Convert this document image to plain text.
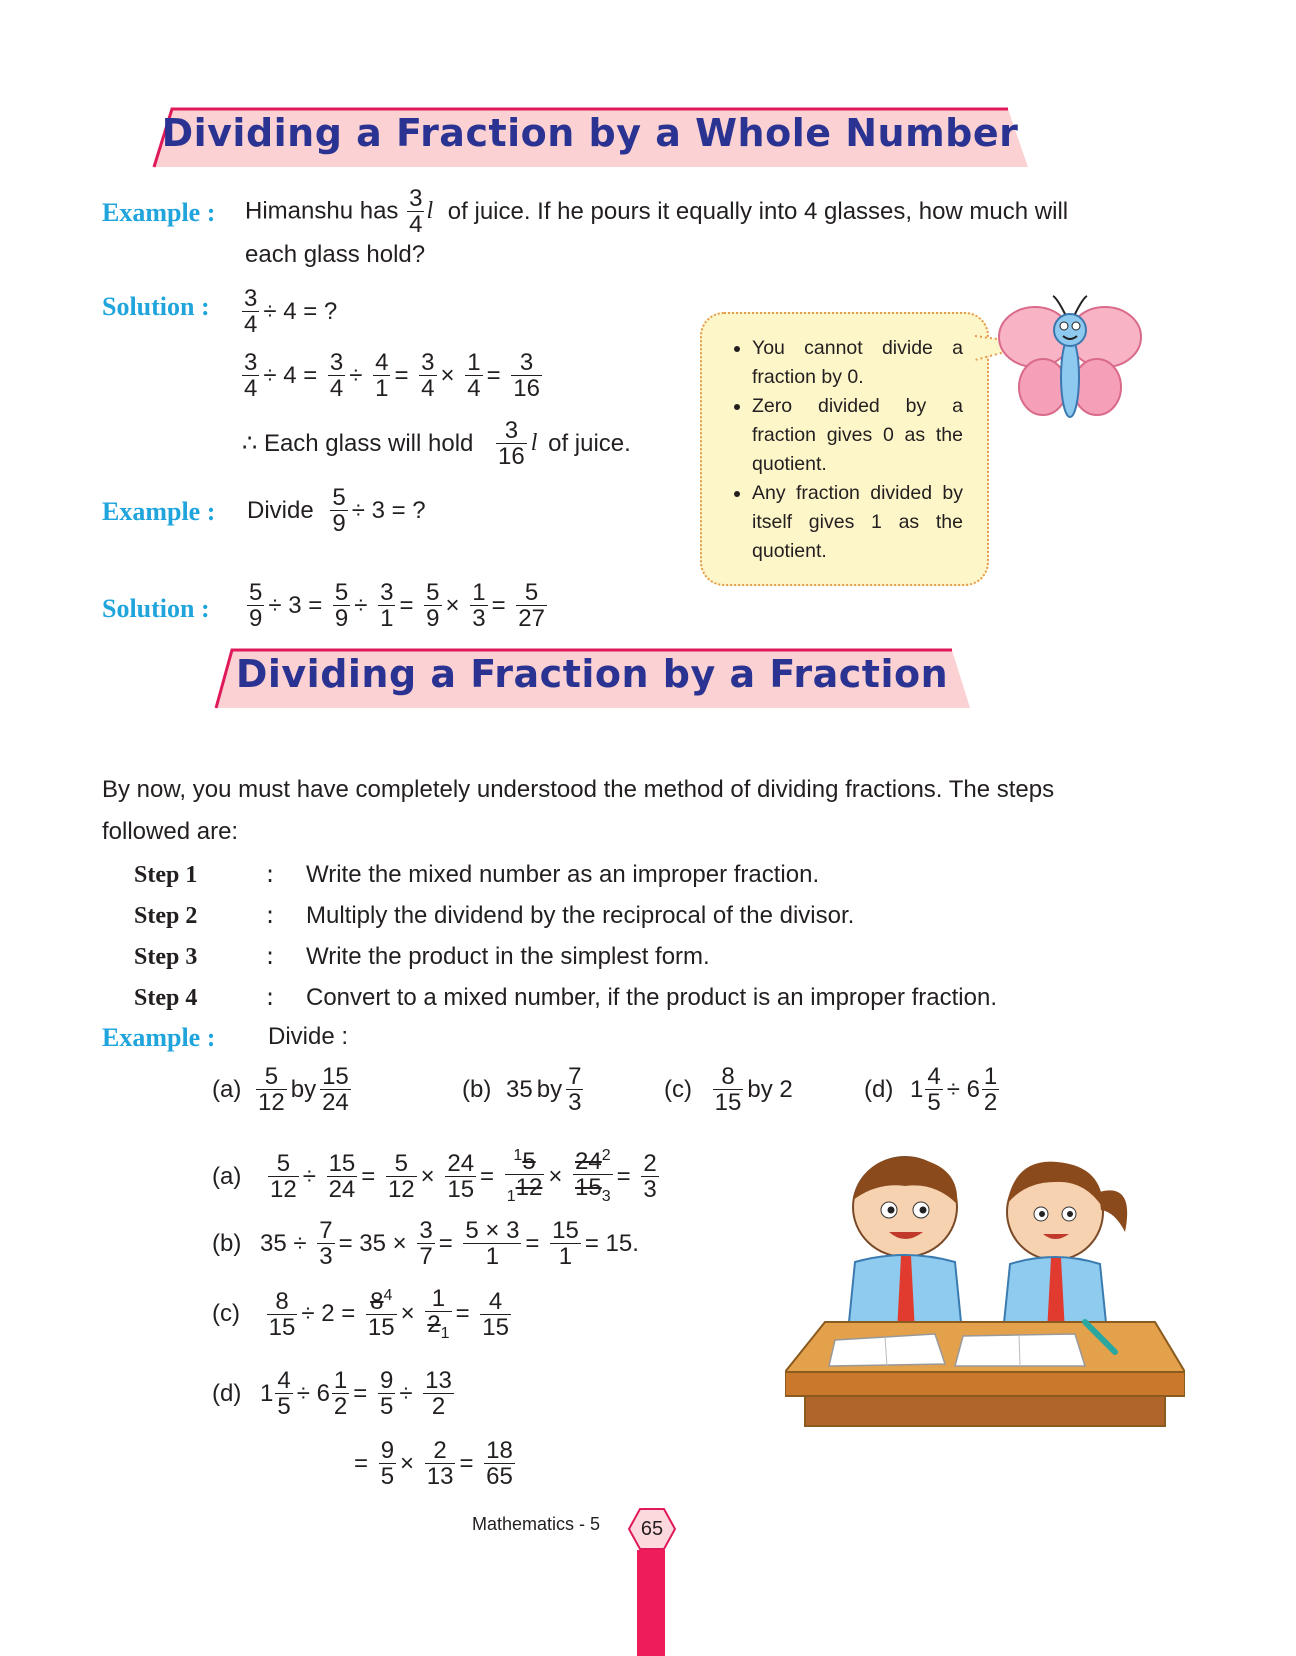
Dividing a Fraction by a Whole Number
Example : Himanshu has $\frac{3}{4}$ l of juice. If he pours it equally into 4 glasses, how much will
each glass hold?
Solution : $\frac{3}{4} \div 4$ = ?
$\frac{3}{4} \div 4 = \frac{3}{4} \div \frac{4}{1} = \frac{3}{4} \times \frac{1}{4} = \frac{3}{16}$
∴ Each glass will hold $\frac{3}{16}$ l of juice.
Example : Divide $\frac{5}{9} \div 3$ = ?
Solution : $\frac{5}{9} \div 3 = \frac{5}{9} \div \frac{3}{1} = \frac{5}{9} \times \frac{1}{3} = \frac{5}{27}$
• You cannot divide a fraction by 0.
• Zero divided by a fraction gives 0 as the quotient.
• Any fraction divided by itself gives 1 as the quotient.
Dividing a Fraction by a Fraction
By now, you must have completely understood the method of dividing fractions. The steps
followed are:
Step 1	: Write the mixed number as an improper fraction.
Step 2	: Multiply the dividend by the reciprocal of the divisor.
Step 3	: Write the product in the simplest form.
Step 4	: Convert to a mixed number, if the product is an improper fraction.
Example : Divide :
$(a) \frac{5}{12}$ by $\frac{15}{24}$	(b) 35 by $\frac{7}{3}$	$(c) \frac{8}{15}$ by 2	(d) $1 \frac{4}{5} \div 6 \frac{1}{2}$
$(a) \frac{5}{12} \div \frac{15}{24} = \frac{5}{12} \times \frac{24}{15} = \frac{^15}{_112} \times \frac{24^2}{15_3} = \frac{2}{3}$
(b) $35 \div \frac{7}{3} = 35 \times \frac{3}{7} = \frac{5 \times 3}{1} = \frac{15}{1} = 15$.
$(c) \frac{8}{15} \div 2 = \frac{8^4}{15} \times \frac{1}{2_1} = \frac{4}{15}$
(d) $1 \frac{4}{5} \div 6 \frac{1}{2} = \frac{9}{5} \div \frac{13}{2}$
= $\frac{9}{5} \times \frac{2}{13} = \frac{18}{65}$
Mathematics - 5	65
